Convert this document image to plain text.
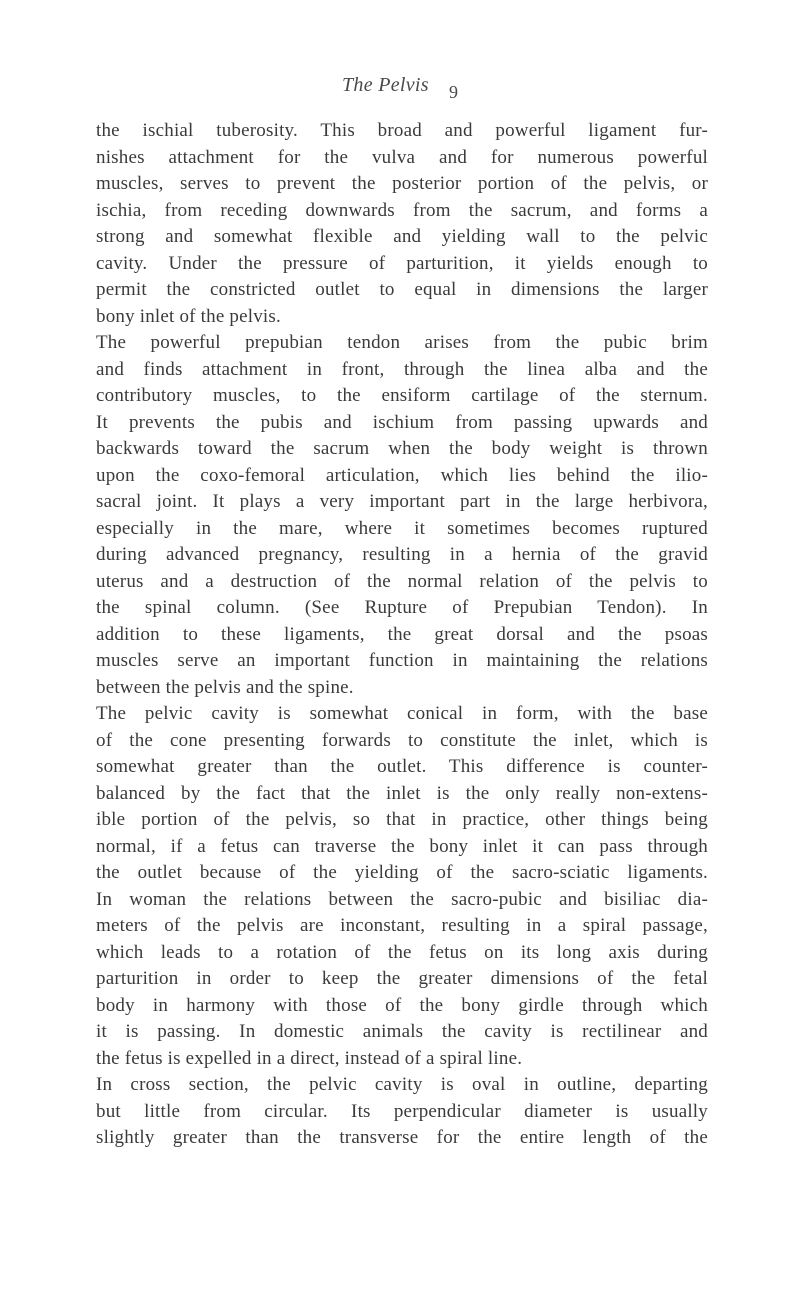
The Pelvis 9
the ischial tuberosity. This broad and powerful ligament fur-
nishes attachment for the vulva and for numerous powerful
muscles, serves to prevent the posterior portion of the pelvis, or
ischia, from receding downwards from the sacrum, and forms a
strong and somewhat flexible and yielding wall to the pelvic
cavity. Under the pressure of parturition, it yields enough to
permit the constricted outlet to equal in dimensions the larger
bony inlet of the pelvis.
The powerful prepubian tendon arises from the pubic brim
and finds attachment in front, through the linea alba and the
contributory muscles, to the ensiform cartilage of the sternum.
It prevents the pubis and ischium from passing upwards and
backwards toward the sacrum when the body weight is thrown
upon the coxo-femoral articulation, which lies behind the ilio-
sacral joint. It plays a very important part in the large herbivora,
especially in the mare, where it sometimes becomes ruptured
during advanced pregnancy, resulting in a hernia of the gravid
uterus and a destruction of the normal relation of the pelvis to
the spinal column. (See Rupture of Prepubian Tendon). In
addition to these ligaments, the great dorsal and the psoas
muscles serve an important function in maintaining the relations
between the pelvis and the spine.
The pelvic cavity is somewhat conical in form, with the base
of the cone presenting forwards to constitute the inlet, which is
somewhat greater than the outlet. This difference is counter-
balanced by the fact that the inlet is the only really non-extens-
ible portion of the pelvis, so that in practice, other things being
normal, if a fetus can traverse the bony inlet it can pass through
the outlet because of the yielding of the sacro-sciatic ligaments.
In woman the relations between the sacro-pubic and bisiliac dia-
meters of the pelvis are inconstant, resulting in a spiral passage,
which leads to a rotation of the fetus on its long axis during
parturition in order to keep the greater dimensions of the fetal
body in harmony with those of the bony girdle through which
it is passing. In domestic animals the cavity is rectilinear and
the fetus is expelled in a direct, instead of a spiral line.
In cross section, the pelvic cavity is oval in outline, departing
but little from circular. Its perpendicular diameter is usually
slightly greater than the transverse for the entire length of the
